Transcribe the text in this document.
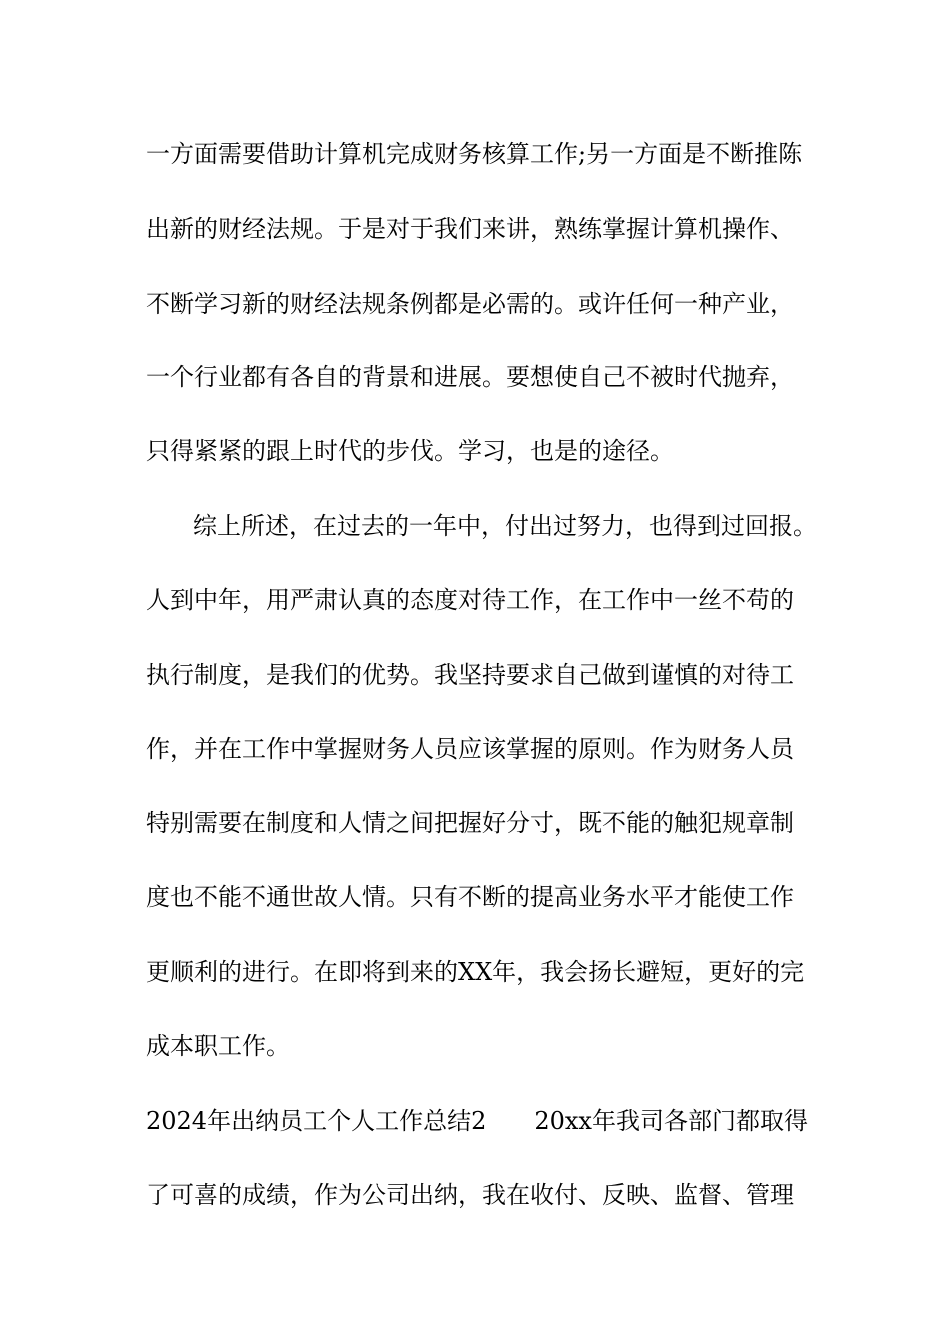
一方面需要借助计算机完成财务核算工作;另一方面是不断推陈
出新的财经法规。于是对于我们来讲，熟练掌握计算机操作、
不断学习新的财经法规条例都是必需的。或许任何一种产业，
一个行业都有各自的背景和进展。要想使自己不被时代抛弃，
只得紧紧的跟上时代的步伐。学习，也是的途径。
综上所述，在过去的一年中，付出过努力，也得到过回报。
人到中年，用严肃认真的态度对待工作，在工作中一丝不苟的
执行制度，是我们的优势。我坚持要求自己做到谨慎的对待工
作，并在工作中掌握财务人员应该掌握的原则。作为财务人员
特别需要在制度和人情之间把握好分寸，既不能的触犯规章制
度也不能不通世故人情。只有不断的提高业务水平才能使工作
更顺利的进行。在即将到来的XX年，我会扬长避短，更好的完
成本职工作。
2024年出纳员工个人工作总结2 20xx年我司各部门都取得
了可喜的成绩，作为公司出纳，我在收付、反映、监督、管理
